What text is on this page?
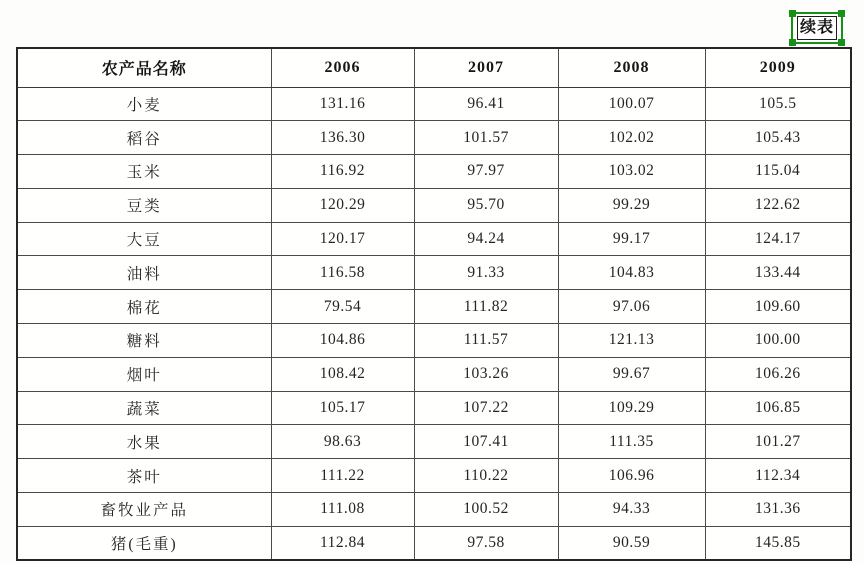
续表
农产品名称	2006	2007	2008	2009
小麦	131.16	96.41	100.07	105.5
稻谷	136.30	101.57	102.02	105.43
玉米	116.92	97.97	103.02	115.04
豆类	120.29	95.70	99.29	122.62
大豆	120.17	94.24	99.17	124.17
油料	116.58	91.33	104.83	133.44
棉花	79.54	111.82	97.06	109.60
糖料	104.86	111.57	121.13	100.00
烟叶	108.42	103.26	99.67	106.26
蔬菜	105.17	107.22	109.29	106.85
水果	98.63	107.41	111.35	101.27
茶叶	111.22	110.22	106.96	112.34
畜牧业产品	111.08	100.52	94.33	131.36
猪(毛重)	112.84	97.58	90.59	145.85
